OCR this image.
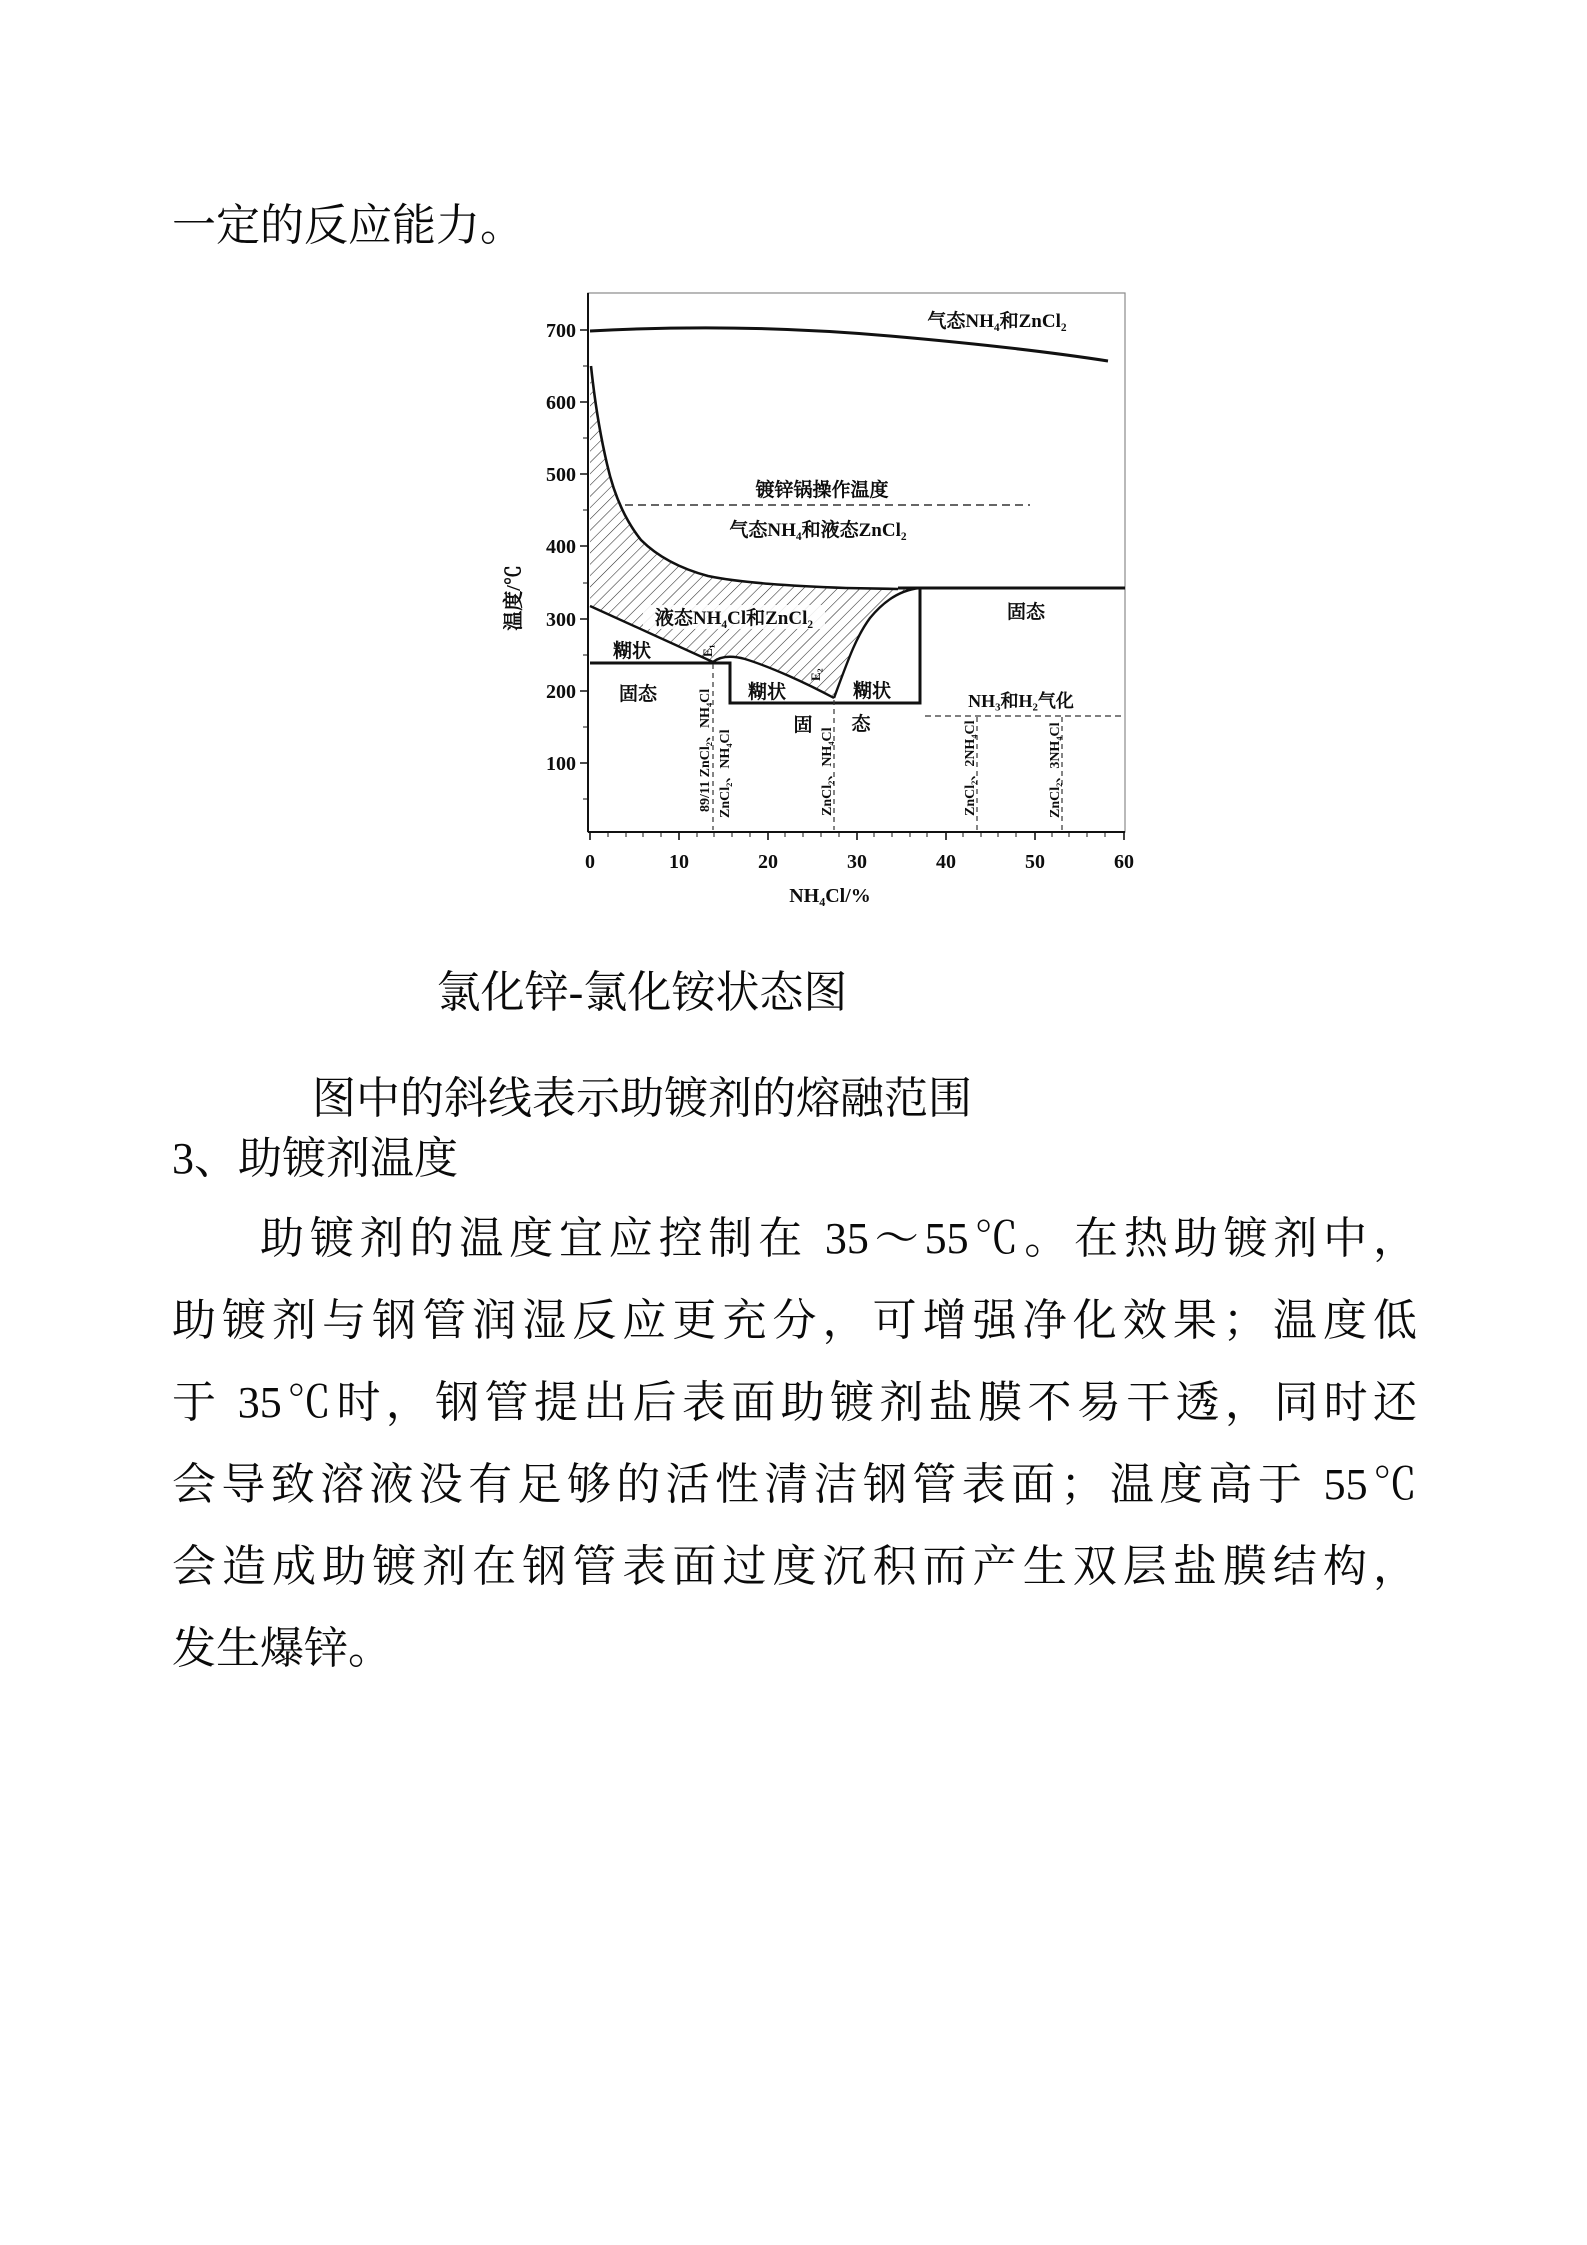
一定的反应能力。
700
600
500
400
300
200
100
0	10	20	30	40	50	60
温度/℃
NH₄Cl/%
气态NH₄和ZnCl₂
镀锌锅操作温度
气态NH₄和液态ZnCl₂
液态NH₄Cl和ZnCl₂
糊状
固态	糊状
固 态
糊状
固态
NH₃和H₂气化
E₁
E₂
89/11 ZnCl₂、NH₄Cl ZnCl₂、NH₄Cl	ZnCl₂、NH₄Cl	ZnCl₂、2NH₄Cl	ZnCl₂、3NH₄Cl
氯化锌-氯化铵状态图
图中的斜线表示助镀剂的熔融范围
3、助镀剂温度
助镀剂的温度宜应控制在 35～55℃。在热助镀剂中，
助镀剂与钢管润湿反应更充分，可增强净化效果；温度低
于 35℃时，钢管提出后表面助镀剂盐膜不易干透，同时还
会导致溶液没有足够的活性清洁钢管表面；温度高于 55℃
会造成助镀剂在钢管表面过度沉积而产生双层盐膜结构，
发生爆锌。
